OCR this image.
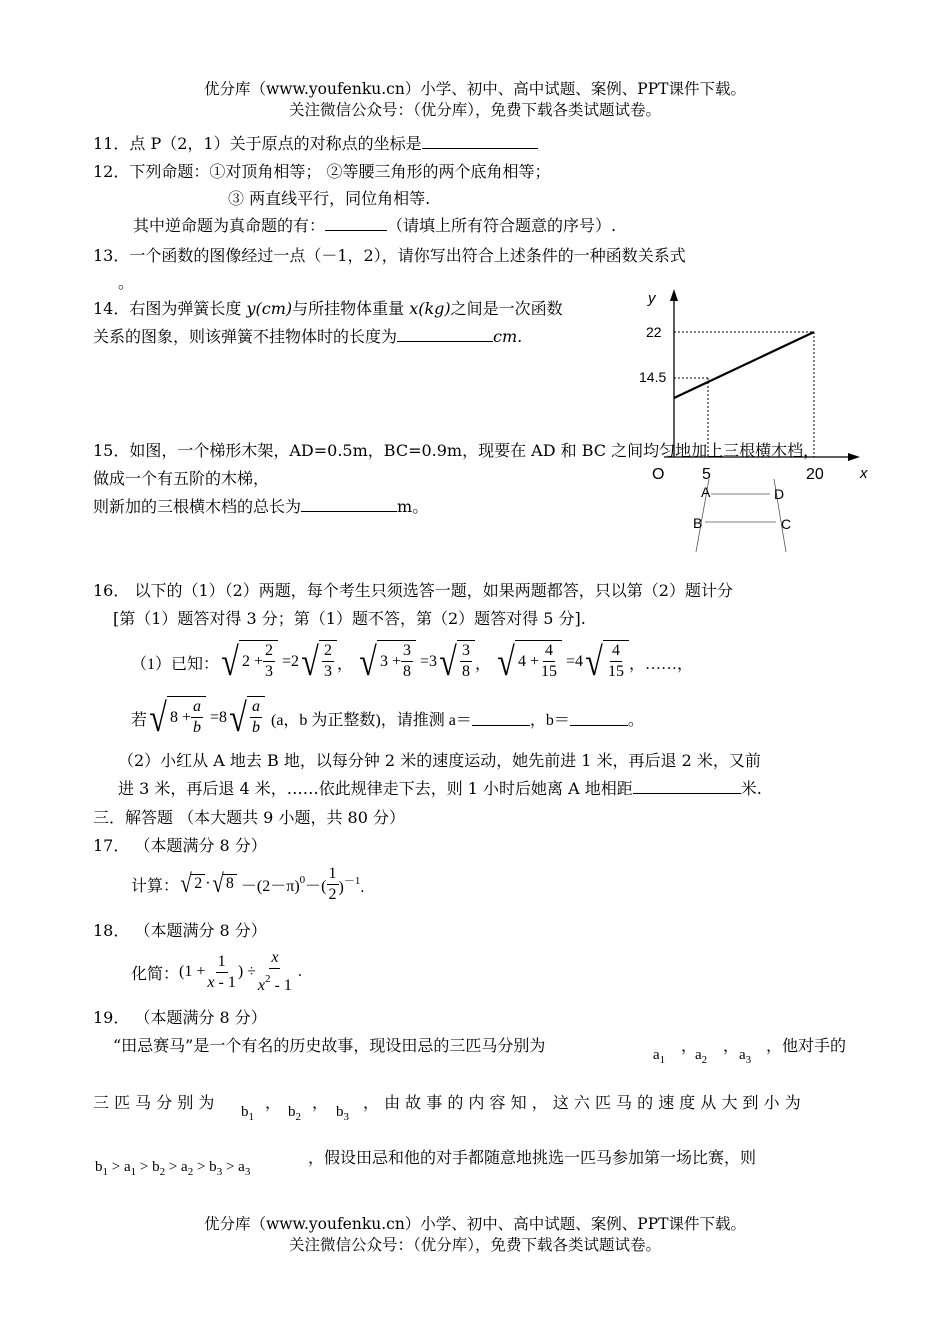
优分库（www.youfenku.cn）小学、初中、高中试题、案例、PPT课件下载。
关注微信公众号：（优分库），免费下载各类试题试卷。
11．点 P（2，1）关于原点的对称点的坐标是
12．下列命题：①对顶角相等； ②等腰三角形的两个底角相等；
③ 两直线平行，同位角相等.
其中逆命题为真命题的有：	（请填上所有符合题意的序号）.
13．一个函数的图像经过一点（－1，2），请你写出符合上述条件的一种函数关系式
。
14．右图为弹簧长度 y(cm)与所挂物体重量 x(kg)之间是一次函数
关系的图象，则该弹簧不挂物体时的长度为	cm.
y
x
O
22
14.5
5	20
A	D
B	C
15．如图，一个梯形木架，AD=0.5m，BC=0.9m，现要在 AD 和 BC 之间均匀地加上三根横木档，
做成一个有五阶的木梯，
则新加的三根横木档的总长为	m。
16． 以下的（1）（2）两题，每个考生只须选答一题，如果两题都答，只以第（2）题计分
[第（1）题答对得 3 分；第（1）题不答，第（2）题答对得 5 分].
（1）已知： √ $2 + \frac{2}{3} =2$ √ $\frac{2}{3}$ ， √ $3 + \frac{3}{8} =3$ √ $\frac{3}{8}$ ， √ $4 + \frac{4}{15} =4$ √ $\frac{4}{15}$ ，……，
若 √ $8 + \frac{a}{b} =8$ √ $\frac{a}{b} (a$，b 为正整数)，请推测 a＝	，b＝	。
（2）小红从 A 地去 B 地，以每分钟 2 米的速度运动，她先前进 1 米，再后退 2 米，又前
进 3 米，再后退 4 米，……依此规律走下去，则 1 小时后她离 A 地相距	米.
三．解答题 （本大题共 9 小题，共 80 分）
17． （本题满分 8 分）
计算： √ 2 · √ $8 -(2-\pi)^0-( \frac{1}{2} )^{-1}$.
18． （本题满分 8 分）
化简： ($1 + \frac{1}{x - 1}$ ) ÷ $\frac{x}{x^2 - 1}$ .
19． （本题满分 8 分）
“田忌赛马”是一个有名的历史故事，现设田忌的三匹马分别为	$a_1$
，
$a_2$
， $a_3$
，他对手的
三 匹 马 分 别 为 $b_1$
， $b_2$
， $b_3$
， 由 故 事 的 内 容 知 ， 这 六 匹 马 的 速 度 从 大 到 小 为
$b_1 > a_1 > b_2 > a_2 > b_3 > a_3$
，假设田忌和他的对手都随意地挑选一匹马参加第一场比赛，则
优分库（www.youfenku.cn）小学、初中、高中试题、案例、PPT课件下载。
关注微信公众号：（优分库），免费下载各类试题试卷。
